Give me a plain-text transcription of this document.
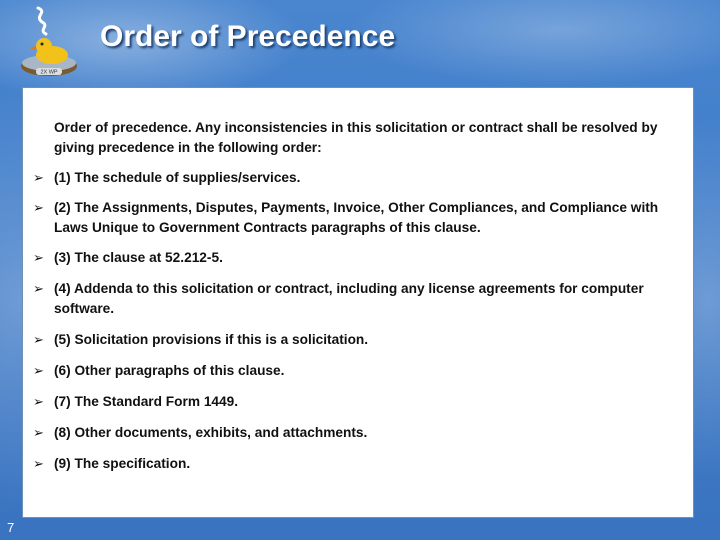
2X WP
Order of Precedence
Order of precedence. Any inconsistencies in this solicitation or contract shall be resolved by giving precedence in the following order:
➢ (1) The schedule of supplies/services.
➢ (2) The Assignments, Disputes, Payments, Invoice, Other Compliances, and Compliance with Laws Unique to Government Contracts paragraphs of this clause.
➢ (3) The clause at 52.212-5.
➢ (4) Addenda to this solicitation or contract, including any license agreements for computer software.
➢ (5) Solicitation provisions if this is a solicitation.
➢ (6) Other paragraphs of this clause.
➢ (7) The Standard Form 1449.
➢ (8) Other documents, exhibits, and attachments.
➢ (9) The specification.
7
